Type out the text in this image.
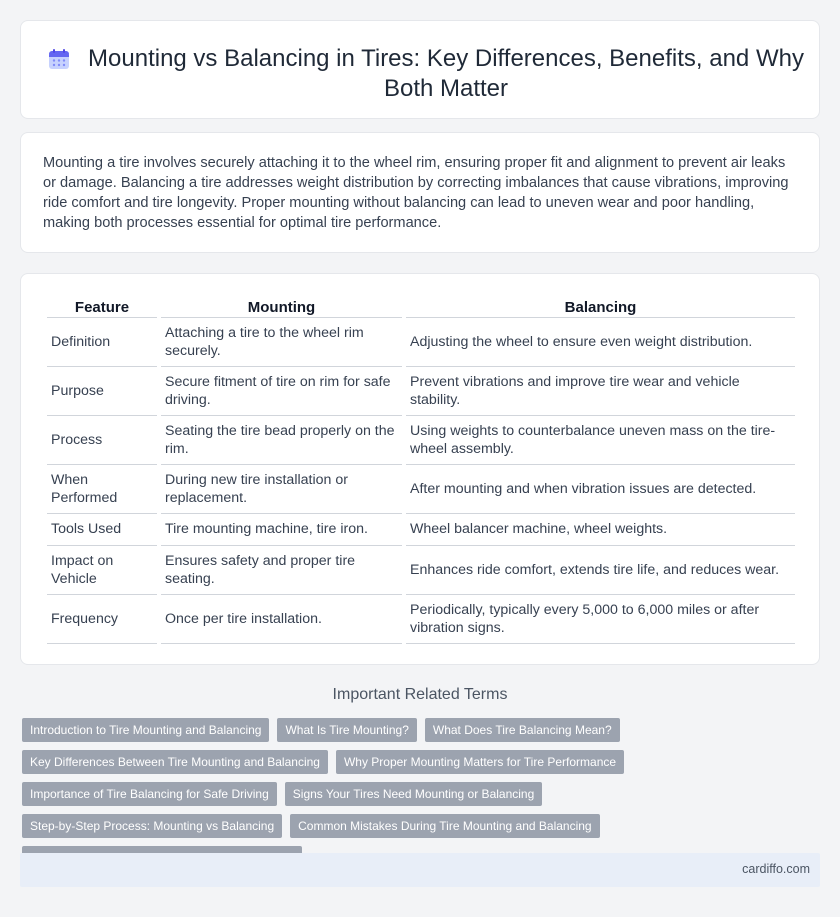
Mounting vs Balancing in Tires: Key Differences, Benefits, and Why Both Matter

Mounting a tire involves securely attaching it to the wheel rim, ensuring proper fit and alignment to prevent air leaks or damage. Balancing a tire addresses weight distribution by correcting imbalances that cause vibrations, improving ride comfort and tire longevity. Proper mounting without balancing can lead to uneven wear and poor handling, making both processes essential for optimal tire performance.

Feature	Mounting	Balancing
Definition	Attaching a tire to the wheel rim securely.	Adjusting the wheel to ensure even weight distribution.
Purpose	Secure fitment of tire on rim for safe driving.	Prevent vibrations and improve tire wear and vehicle stability.
Process	Seating the tire bead properly on the rim.	Using weights to counterbalance uneven mass on the tire-wheel assembly.
When Performed	During new tire installation or replacement.	After mounting and when vibration issues are detected.
Tools Used	Tire mounting machine, tire iron.	Wheel balancer machine, wheel weights.
Impact on Vehicle	Ensures safety and proper tire seating.	Enhances ride comfort, extends tire life, and reduces wear.
Frequency	Once per tire installation.	Periodically, typically every 5,000 to 6,000 miles or after vibration signs.
Important Related Terms
Introduction to Tire Mounting and Balancing	What Is Tire Mounting?	What Does Tire Balancing Mean?
Key Differences Between Tire Mounting and Balancing	Why Proper Mounting Matters for Tire Performance
Importance of Tire Balancing for Safe Driving	Signs Your Tires Need Mounting or Balancing
Step-by-Step Process: Mounting vs Balancing	Common Mistakes During Tire Mounting and Balancing
cardiffo.com
